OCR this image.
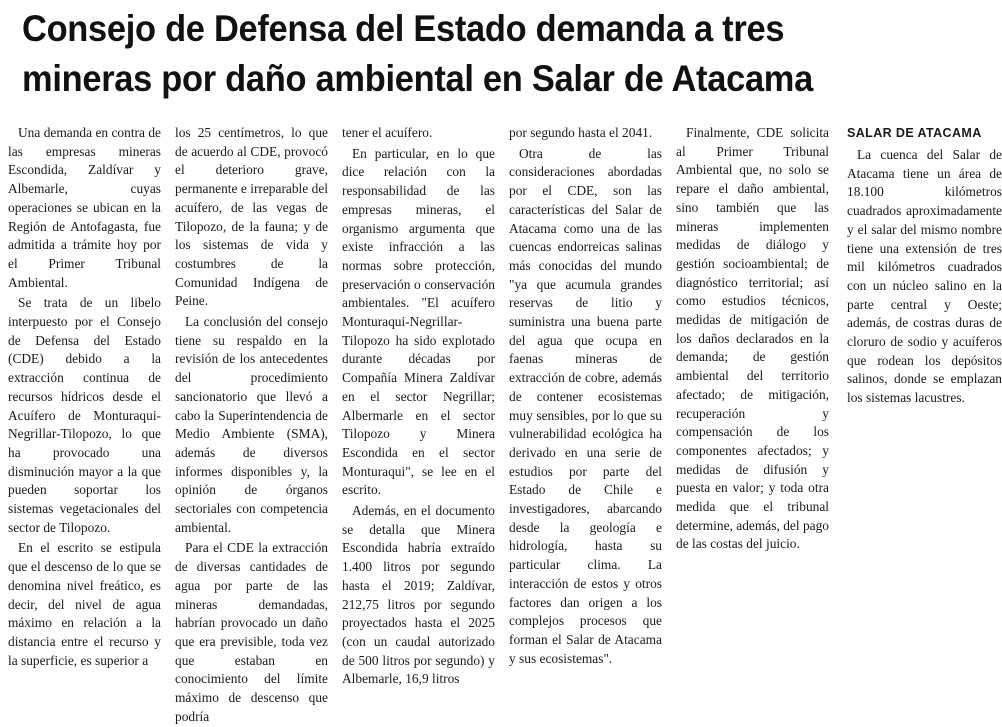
Consejo de Defensa del Estado demanda a tres mineras por daño ambiental en Salar de Atacama

Una demanda en contra de las empresas mineras Escondida, Zaldívar y Albemarle, cuyas operaciones se ubican en la Región de Antofagasta, fue admitida a trámite hoy por el Primer Tribunal Ambiental.

Se trata de un libelo interpuesto por el Consejo de Defensa del Estado (CDE) debido a la extracción continua de recursos hídricos desde el Acuífero de Monturaqui-Negrillar-Tilopozo, lo que ha provocado una disminución mayor a la que pueden soportar los sistemas vegetacionales del sector de Tilopozo.

En el escrito se estipula que el descenso de lo que se denomina nivel freático, es decir, del nivel de agua máximo en relación a la distancia entre el recurso y la superficie, es superior a

los 25 centímetros, lo que de acuerdo al CDE, provocó el deterioro grave, permanente e irreparable del acuífero, de las vegas de Tilopozo, de la fauna; y de los sistemas de vida y costumbres de la Comunidad Indígena de Peine.

La conclusión del consejo tiene su respaldo en la revisión de los antecedentes del procedimiento sancionatorio que llevó a cabo la Superintendencia de Medio Ambiente (SMA), además de diversos informes disponibles y, la opinión de órganos sectoriales con competencia ambiental.

Para el CDE la extracción de diversas cantidades de agua por parte de las mineras demandadas, habrían provocado un daño que era previsible, toda vez que estaban en conocimiento del límite máximo de descenso que podría

tener el acuífero.

En particular, en lo que dice relación con la responsabilidad de las empresas mineras, el organismo argumenta que existe infracción a las normas sobre protección, preservación o conservación ambientales. "El acuífero Monturaqui-Negrillar-Tilopozo ha sido explotado durante décadas por Compañía Minera Zaldívar en el sector Negrillar; Albermarle en el sector Tilopozo y Minera Escondida en el sector Monturaqui", se lee en el escrito.

Además, en el documento se detalla que Minera Escondida habría extraído 1.400 litros por segundo hasta el 2019; Zaldívar, 212,75 litros por segundo proyectados hasta el 2025 (con un caudal autorizado de 500 litros por segundo) y Albemarle, 16,9 litros

por segundo hasta el 2041.

Otra de las consideraciones abordadas por el CDE, son las características del Salar de Atacama como una de las cuencas endorreicas salinas más conocidas del mundo "ya que acumula grandes reservas de litio y suministra una buena parte del agua que ocupa en faenas mineras de extracción de cobre, además de contener ecosistemas muy sensibles, por lo que su vulnerabilidad ecológica ha derivado en una serie de estudios por parte del Estado de Chile e investigadores, abarcando desde la geología e hidrología, hasta su particular clima. La interacción de estos y otros factores dan origen a los complejos procesos que forman el Salar de Atacama y sus ecosistemas".

Finalmente, CDE solicita al Primer Tribunal Ambiental que, no solo se repare el daño ambiental, sino también que las mineras implementen medidas de diálogo y gestión socioambiental; de diagnóstico territorial; así como estudios técnicos, medidas de mitigación de los daños declarados en la demanda; de gestión ambiental del territorio afectado; de mitigación, recuperación y compensación de los componentes afectados; y medidas de difusión y puesta en valor; y toda otra medida que el tribunal determine, además, del pago de las costas del juicio.

SALAR DE ATACAMA

La cuenca del Salar de Atacama tiene un área de 18.100 kilómetros cuadrados aproximadamente y el salar del mismo nombre tiene una extensión de tres mil kilómetros cuadrados con un núcleo salino en la parte central y Oeste; además, de costras duras de cloruro de sodio y acuíferos que rodean los depósitos salinos, donde se emplazan los sistemas lacustres.
